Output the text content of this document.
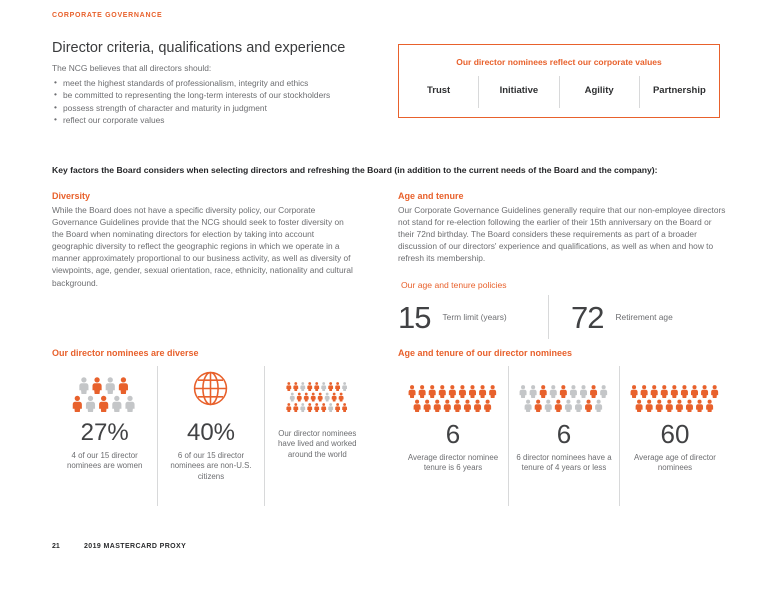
CORPORATE GOVERNANCE
Director criteria, qualifications and experience
The NCG believes that all directors should:
• meet the highest standards of professionalism, integrity and ethics
• be committed to representing the long-term interests of our stockholders
• possess strength of character and maturity in judgment
• reflect our corporate values
Our director nominees reflect our corporate values
Trust	Initiative	Agility	Partnership
Key factors the Board considers when selecting directors and refreshing the Board (in addition to the current needs of the Board and the company):
Diversity
While the Board does not have a specific diversity policy, our Corporate Governance Guidelines provide that the NCG should seek to foster diversity on the Board when nominating directors for election by taking into account geographic diversity to reflect the geographic regions in which we operate in a manner approximately proportional to our business activity, as well as diversity of viewpoints, age, gender, sexual orientation, race, ethnicity, nationality and cultural background.
Age and tenure
Our Corporate Governance Guidelines generally require that our non-employee directors not stand for re-election following the earlier of their 15th anniversary on the Board or their 72nd birthday. The Board considers these requirements as part of a broader discussion of our directors' experience and qualifications, as well as when and how to refresh its membership.
Our age and tenure policies
15 Term limit (years) 72 Retirement age
Our director nominees are diverse
27%
4 of our 15 director nominees are women
40%
6 of our 15 director nominees are non-U.S. citizens
Our director nominees have lived and worked around the world
Age and tenure of our director nominees
6
Average director nominee tenure is 6 years
6
6 director nominees have a tenure of 4 years or less
60
Average age of director nominees
21	2019 MASTERCARD PROXY
